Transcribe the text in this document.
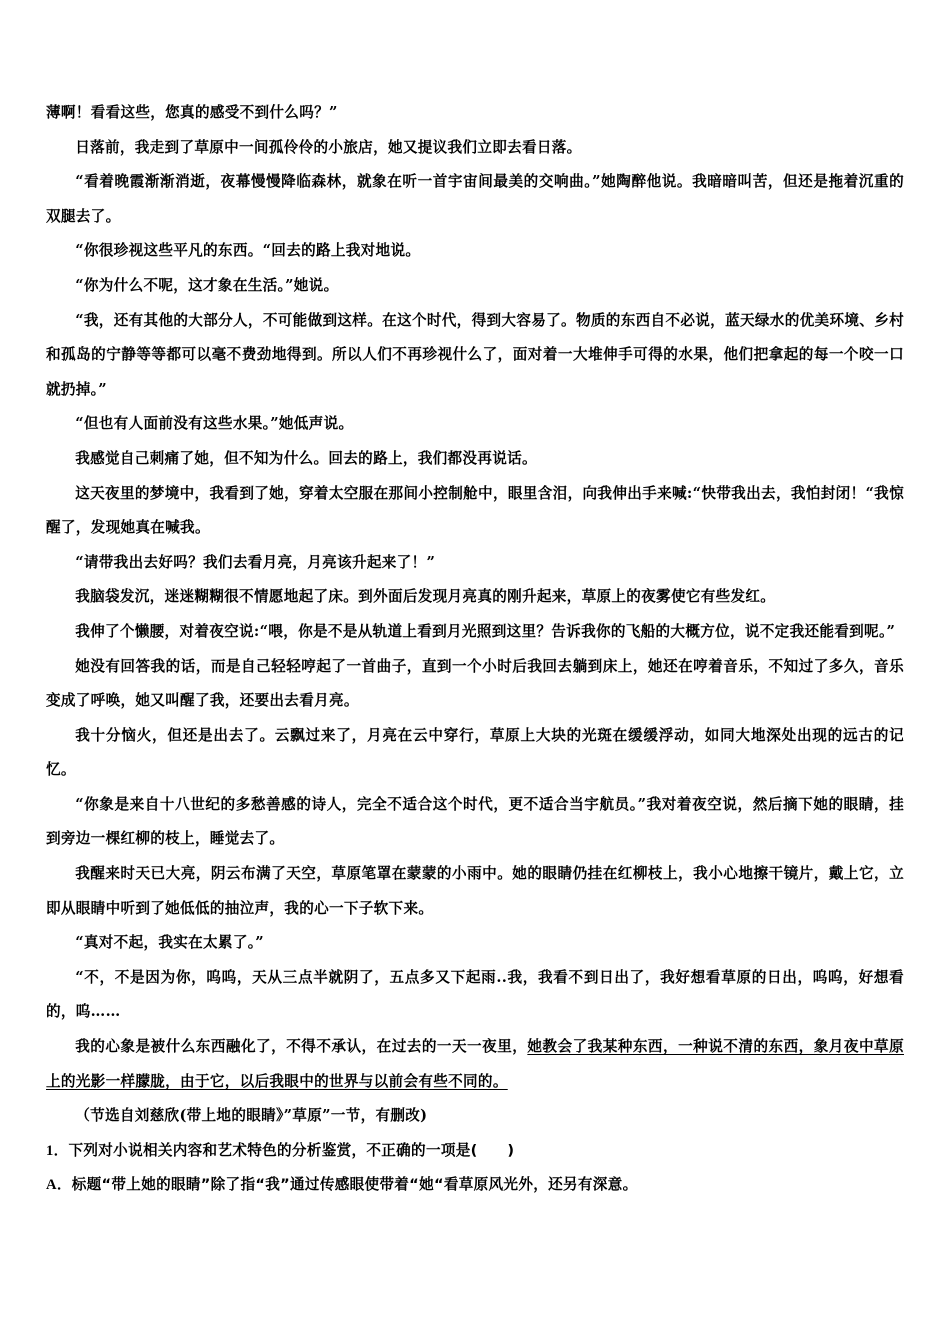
薄啊！看看这些，您真的感受不到什么吗？”

日落前，我走到了草原中一间孤伶伶的小旅店，她又提议我们立即去看日落。

“看着晚霞渐渐消逝，夜幕慢慢降临森林，就象在听一首宇宙间最美的交响曲。”她陶醉他说。我暗暗叫苦，但还是拖着沉重的双腿去了。

“你很珍视这些平凡的东西。“回去的路上我对地说。

“你为什么不呢，这才象在生活。”她说。

“我，还有其他的大部分人，不可能做到这样。在这个时代，得到大容易了。物质的东西自不必说，蓝天绿水的优美环境、乡村和孤岛的宁静等等都可以毫不费劲地得到。所以人们不再珍视什么了，面对着一大堆伸手可得的水果，他们把拿起的每一个咬一口就扔掉。”

“但也有人面前没有这些水果。”她低声说。

我感觉自己刺痛了她，但不知为什么。回去的路上，我们都没再说话。

这天夜里的梦境中，我看到了她，穿着太空服在那间小控制舱中，眼里含泪，向我伸出手来喊:“快带我出去，我怕封闭！“我惊醒了，发现她真在喊我。

“请带我出去好吗？我们去看月亮，月亮该升起来了！”

我脑袋发沉，迷迷糊糊很不情愿地起了床。到外面后发现月亮真的刚升起来，草原上的夜雾使它有些发红。

我伸了个懒腰，对着夜空说:“喂，你是不是从轨道上看到月光照到这里？告诉我你的飞船的大概方位，说不定我还能看到呢。”

她没有回答我的话，而是自己轻轻哼起了一首曲子，直到一个小时后我回去躺到床上，她还在哼着音乐，不知过了多久，音乐变成了呼唤，她又叫醒了我，还要出去看月亮。

我十分恼火，但还是出去了。云飘过来了，月亮在云中穿行，草原上大块的光斑在缓缓浮动，如同大地深处出现的远古的记忆。

“你象是来自十八世纪的多愁善感的诗人，完全不适合这个时代，更不适合当宇航员。”我对着夜空说，然后摘下她的眼睛，挂到旁边一棵红柳的枝上，睡觉去了。

我醒来时天已大亮，阴云布满了天空，草原笔罩在蒙蒙的小雨中。她的眼睛仍挂在红柳枝上，我小心地擦干镜片，戴上它，立即从眼睛中听到了她低低的抽泣声，我的心一下子软下来。

“真对不起，我实在太累了。”

“不，不是因为你，呜呜，天从三点半就阴了，五点多又下起雨..我，我看不到日出了，我好想看草原的日出，呜呜，好想看的，呜……

我的心象是被什么东西融化了，不得不承认，在过去的一天一夜里，她教会了我某种东西，一种说不清的东西，象月夜中草原上的光影一样朦胧，由于它，以后我眼中的世界与以前会有些不同的。

（节选自刘慈欣(带上地的眼睛》”草原”一节，有删改)

1．下列对小说相关内容和艺术特色的分析鉴赏，不正确的一项是(　　)

A．标题“带上她的眼睛”除了指“我”通过传感眼使带着“她“看草原风光外，还另有深意。
